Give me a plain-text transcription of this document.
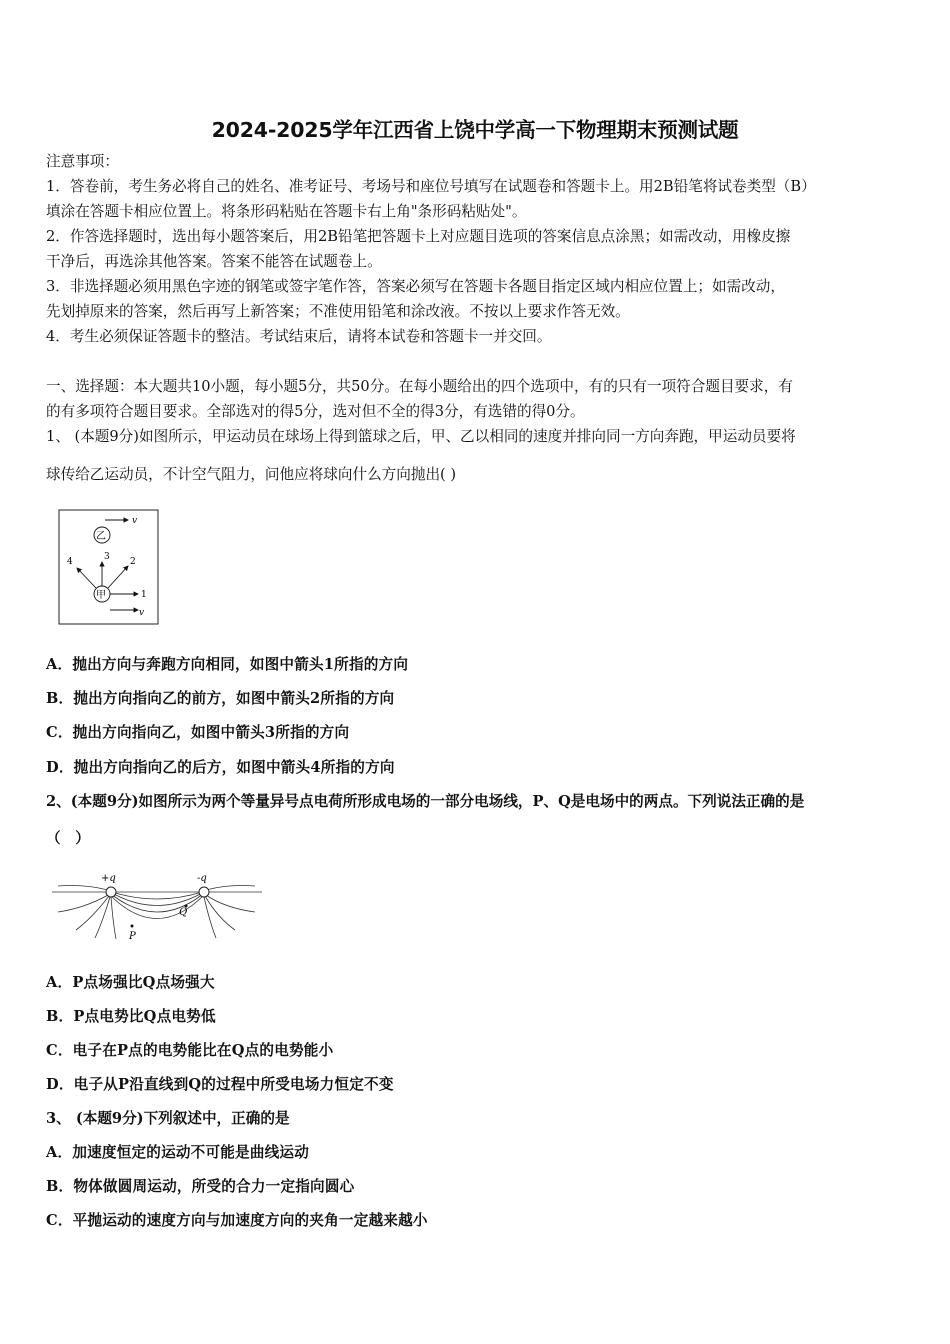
2024-2025学年江西省上饶中学高一下物理期末预测试题
注意事项：
1．答卷前，考生务必将自己的姓名、准考证号、考场号和座位号填写在试题卷和答题卡上。用2B铅笔将试卷类型（B）
填涂在答题卡相应位置上。将条形码粘贴在答题卡右上角"条形码粘贴处"。
2．作答选择题时，选出每小题答案后，用2B铅笔把答题卡上对应题目选项的答案信息点涂黑；如需改动，用橡皮擦
干净后，再选涂其他答案。答案不能答在试题卷上。
3．非选择题必须用黑色字迹的钢笔或签字笔作答，答案必须写在答题卡各题目指定区域内相应位置上；如需改动，
先划掉原来的答案，然后再写上新答案；不准使用铅笔和涂改液。不按以上要求作答无效。
4．考生必须保证答题卡的整洁。考试结束后，请将本试卷和答题卡一并交回。
一、选择题：本大题共10小题，每小题5分，共50分。在每小题给出的四个选项中，有的只有一项符合题目要求，有
的有多项符合题目要求。全部选对的得5分，选对但不全的得3分，有选错的得0分。
1、 (本题9分)如图所示，甲运动员在球场上得到篮球之后，甲、乙以相同的速度并排向同一方向奔跑，甲运动员要将
球传给乙运动员，不计空气阻力，问他应将球向什么方向抛出( )
v
乙
甲	1
2
3
4
v
A．抛出方向与奔跑方向相同，如图中箭头1所指的方向
B．抛出方向指向乙的前方，如图中箭头2所指的方向
C．抛出方向指向乙，如图中箭头3所指的方向
D．抛出方向指向乙的后方，如图中箭头4所指的方向
2、(本题9分)如图所示为两个等量异号点电荷所形成电场的一部分电场线，P、Q是电场中的两点。下列说法正确的是
（　）
+q	-q
P
Q
A．P点场强比Q点场强大
B．P点电势比Q点电势低
C．电子在P点的电势能比在Q点的电势能小
D．电子从P沿直线到Q的过程中所受电场力恒定不变
3、 (本题9分)下列叙述中，正确的是
A．加速度恒定的运动不可能是曲线运动
B．物体做圆周运动，所受的合力一定指向圆心
C．平抛运动的速度方向与加速度方向的夹角一定越来越小
